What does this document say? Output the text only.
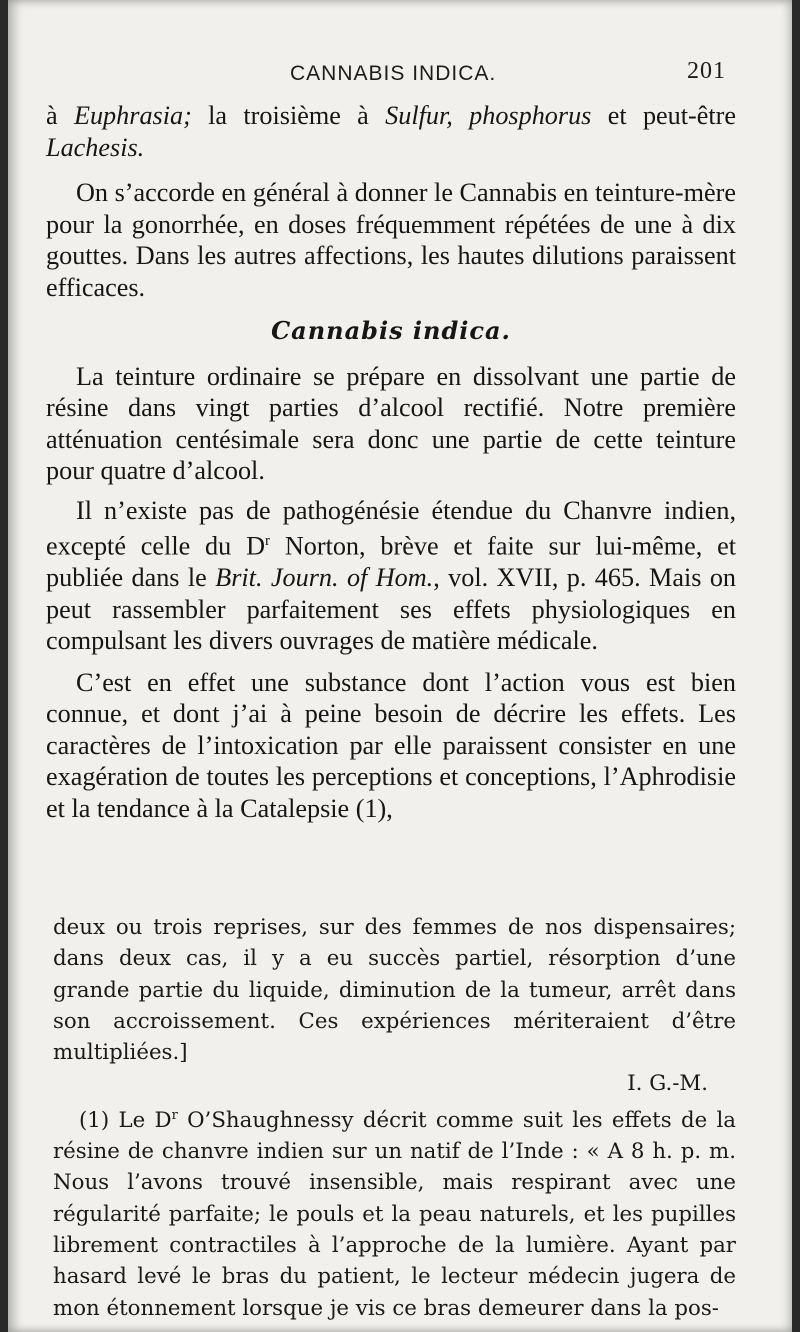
CANNABIS INDICA.	201

à Euphrasia; la troisième à Sulfur, phosphorus et peut-être Lachesis.

On s’accorde en général à donner le Cannabis en teinture-mère pour la gonorrhée, en doses fréquemment répétées de une à dix gouttes. Dans les autres affections, les hautes dilutions paraissent efficaces.

Cannabis indica.

La teinture ordinaire se prépare en dissolvant une partie de résine dans vingt parties d’alcool rectifié. Notre première atténuation centésimale sera donc une partie de cette teinture pour quatre d’alcool.

Il n’existe pas de pathogénésie étendue du Chanvre indien, excepté celle du $D^r$ Norton, brève et faite sur lui-même, et publiée dans le Brit. Journ. of Hom., vol. XVII, p. 465. Mais on peut rassembler parfaitement ses effets physiologiques en compulsant les divers ouvrages de matière médicale.

C’est en effet une substance dont l’action vous est bien connue, et dont j’ai à peine besoin de décrire les effets. Les caractères de l’intoxication par elle paraissent consister en une exagération de toutes les perceptions et conceptions, l’Aphrodisie et la tendance à la Catalepsie (1),

deux ou trois reprises, sur des femmes de nos dispensaires; dans deux cas, il y a eu succès partiel, résorption d’une grande partie du liquide, diminution de la tumeur, arrêt dans son accroissement. Ces expériences mériteraient d’être multipliées.]

I. G.-M.

(1) Le $D^r$ O’Shaughnessy décrit comme suit les effets de la résine de chanvre indien sur un natif de l’Inde : « A 8 h. p. m. Nous l’avons trouvé insensible, mais respirant avec une régularité parfaite; le pouls et la peau naturels, et les pupilles librement contractiles à l’approche de la lumière. Ayant par hasard levé le bras du patient, le lecteur médecin jugera de mon étonnement lorsque je vis ce bras demeurer dans la pos-
